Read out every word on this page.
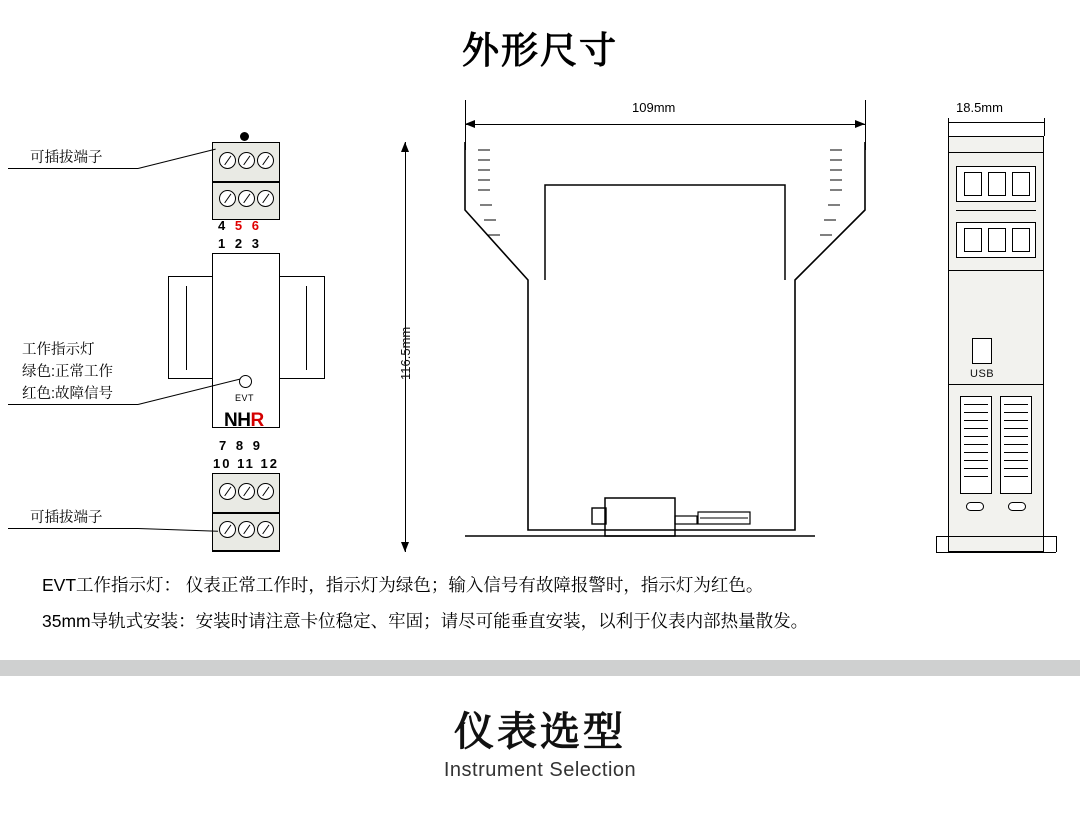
外形尺寸
4 5 6
1 2 3
EVT
NHR
7 8 9
10 11 12
可插拔端子
工作指示灯
绿色:正常工作
红色:故障信号
可插拔端子
109mm
116.5mm
18.5mm
USB
EVT工作指示灯： 仪表正常工作时，指示灯为绿色；输入信号有故障报警时，指示灯为红色。
35mm导轨式安装：安装时请注意卡位稳定、牢固；请尽可能垂直安装，以利于仪表内部热量散发。
仪表选型
Instrument Selection
